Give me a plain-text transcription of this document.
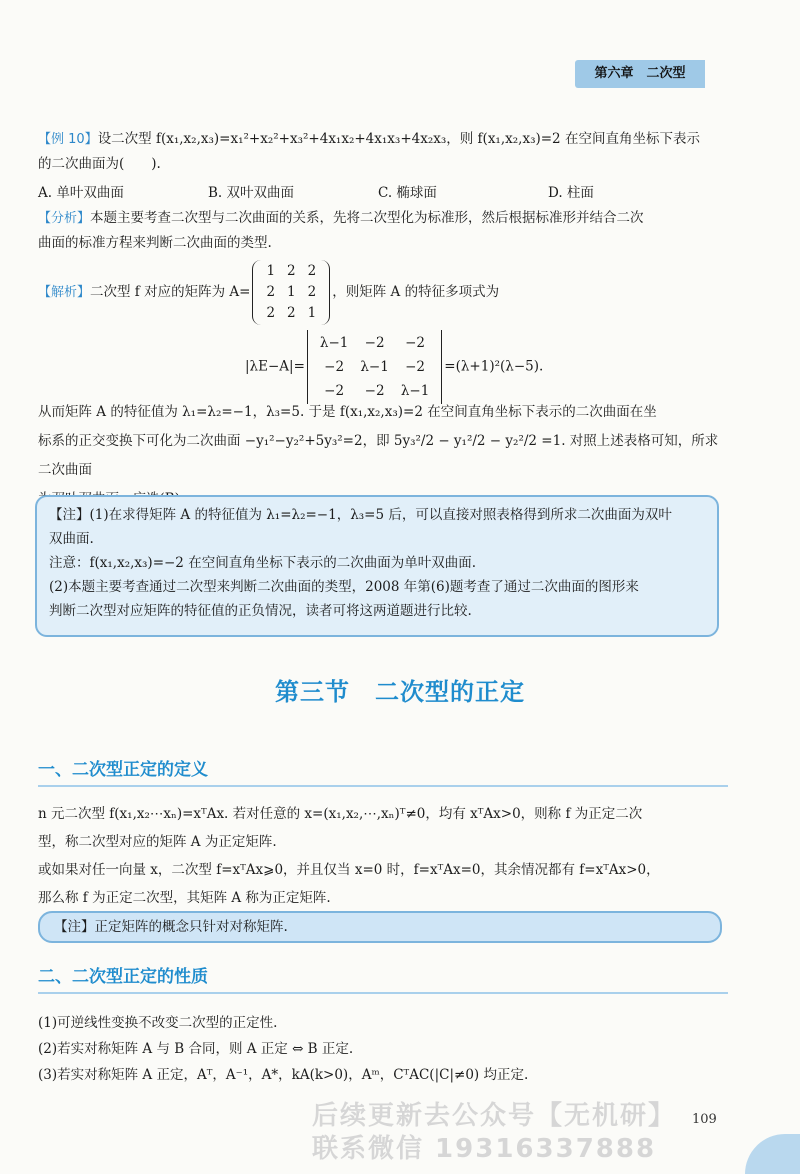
第六章　二次型
【例 10】设二次型 f(x₁,x₂,x₃)=x₁²+x₂²+x₃²+4x₁x₂+4x₁x₃+4x₂x₃，则 f(x₁,x₂,x₃)=2 在空间直角坐标下表示
的二次曲面为(　　).
A. 单叶双曲面	B. 双叶双曲面	C. 椭球面	D. 柱面
【分析】本题主要考查二次型与二次曲面的关系，先将二次型化为标准形，然后根据标准形并结合二次
曲面的标准方程来判断二次曲面的类型.
【解析】二次型 f 对应的矩阵为 A=1	2	2
2	1	2
2	2	1，则矩阵 A 的特征多项式为
|λE−A|=λ−1	−2	−2
−2	λ−1	−2
−2	−2	λ−1=(λ+1)²(λ−5).
从而矩阵 A 的特征值为 λ₁=λ₂=−1，λ₃=5. 于是 f(x₁,x₂,x₃)=2 在空间直角坐标下表示的二次曲面在坐
标系的正交变换下可化为二次曲面 −y₁²−y₂²+5y₃²=2，即 5y₃²/2 − y₁²/2 − y₂²/2 =1. 对照上述表格可知，所求二次曲面
【注】(1)在求得矩阵 A 的特征值为 λ₁=λ₂=−1，λ₃=5 后，可以直接对照表格得到所求二次曲面为双叶
双曲面.
注意：f(x₁,x₂,x₃)=−2 在空间直角坐标下表示的二次曲面为单叶双曲面.
(2)本题主要考查通过二次型来判断二次曲面的类型，2008 年第(6)题考查了通过二次曲面的图形来
判断二次型对应矩阵的特征值的正负情况，读者可将这两道题进行比较.
第三节　二次型的正定
一、二次型正定的定义
n 元二次型 f(x₁,x₂⋯xₙ)=xᵀAx. 若对任意的 x=(x₁,x₂,⋯,xₙ)ᵀ≠0，均有 xᵀAx>0，则称 f 为正定二次
型，称二次型对应的矩阵 A 为正定矩阵.
或如果对任一向量 x，二次型 f=xᵀAx⩾0，并且仅当 x=0 时，f=xᵀAx=0，其余情况都有 f=xᵀAx>0，
那么称 f 为正定二次型，其矩阵 A 称为正定矩阵.
【注】正定矩阵的概念只针对对称矩阵.
二、二次型正定的性质
(1)可逆线性变换不改变二次型的正定性.
(2)若实对称矩阵 A 与 B 合同，则 A 正定 ⇔ B 正定.
(3)若实对称矩阵 A 正定，Aᵀ，A⁻¹，A*，kA(k>0)，Aᵐ，CᵀAC(|C|≠0) 均正定.
后续更新去公众号【无机研】
联系微信 19316337888
109
